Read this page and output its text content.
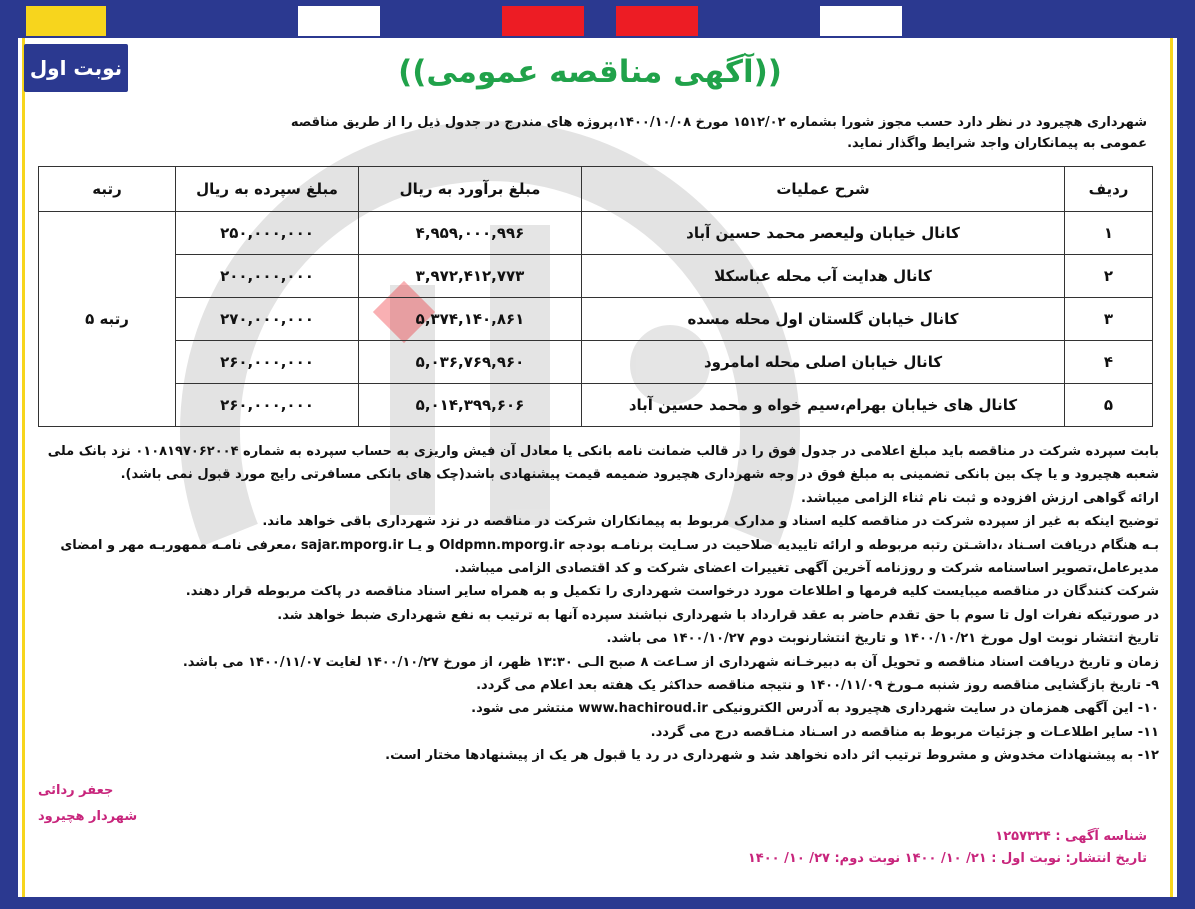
نوبت اول	((آگهی مناقصه عمومی))
شهرداری هچیرود در نظر دارد حسب مجوز شورا بشماره ۱۵۱۲/۰۲ مورخ ۱۴۰۰/۱۰/۰۸،پروژه های مندرج در جدول ذیل را از طریق مناقصه عمومی به پیمانکاران واجد شرایط واگذار نماید.
ردیف	شرح عملیات	مبلغ برآورد به ریال	مبلغ سپرده به ریال	رتبه
۱	کانال خیابان ولیعصر محمد حسین آباد	۴,۹۵۹,۰۰۰,۹۹۶	۲۵۰,۰۰۰,۰۰۰	رتبه ۵
۲	کانال هدایت آب محله عباسکلا	۳,۹۷۲,۴۱۲,۷۷۳	۲۰۰,۰۰۰,۰۰۰	
۳	کانال خیابان گلستان اول محله مسده	۵,۳۷۴,۱۴۰,۸۶۱	۲۷۰,۰۰۰,۰۰۰	
۴	کانال خیابان اصلی محله امامرود	۵,۰۳۶,۷۶۹,۹۶۰	۲۶۰,۰۰۰,۰۰۰	
۵	کانال های خیابان بهرام،سیم خواه و محمد حسین آباد	۵,۰۱۴,۳۹۹,۶۰۶	۲۶۰,۰۰۰,۰۰۰	

بابت سپرده شرکت در مناقصه باید مبلغ اعلامی در جدول فوق را در قالب ضمانت نامه بانکی یا معادل آن فیش واریزی به حساب سپرده به شماره ۰۱۰۸۱۹۷۰۶۲۰۰۴ نزد بانک ملی شعبه هچیرود و یا چک بین بانکی تضمینی به مبلغ فوق در وجه شهرداری هچیرود ضمیمه قیمت پیشنهادی باشد(چک های بانکی مسافرتی رایج مورد قبول نمی باشد).

ارائه گواهی ارزش افزوده و ثبت نام ثناء الزامی میباشد.

توضیح اینکه به غیر از سپرده شرکت در مناقصه کلیه اسناد و مدارک مربوط به پیمانکاران شرکت در مناقصه در نزد شهرداری باقی خواهد ماند.

بـه هنگام دریافت اسـناد ،داشـتن رتبه مربوطه و ارائه تاییدیه صلاحیت در سـایت برنامـه بودجه Oldpmn.mporg.ir و یـا sajar.mporg.ir ،معرفی نامـه ممهوربـه مهر و امضای مدیرعامل،تصویر اساسنامه شرکت و روزنامه آخرین آگهی تغییرات اعضای شرکت و کد اقتصادی الزامی میباشد.

شرکت کنندگان در مناقصه میبایست کلیه فرمها و اطلاعات مورد درخواست شهرداری را تکمیل و به همراه سایر اسناد مناقصه در پاکت مربوطه قرار دهند.

در صورتیکه نفرات اول تا سوم با حق تقدم حاضر به عقد قرارداد با شهرداری نباشند سپرده آنها به ترتیب به نفع شهرداری ضبط خواهد شد.

تاریخ انتشار نوبت اول مورخ ۱۴۰۰/۱۰/۲۱ و تاریخ انتشارنوبت دوم ۱۴۰۰/۱۰/۲۷ می باشد.

زمان و تاریخ دریافت اسناد مناقصه و تحویل آن به دبیرخـانه شهرداری از سـاعت ۸ صبح الـی ۱۳:۳۰ ظهر، از مورخ ۱۴۰۰/۱۰/۲۷ لغایت ۱۴۰۰/۱۱/۰۷ می باشد.

۹- تاریخ بازگشایی مناقصه روز شنبه مـورخ ۱۴۰۰/۱۱/۰۹ و نتیجه مناقصه حداکثر یک هفته بعد اعلام می گردد.

۱۰- این آگهی همزمان در سایت شهرداری هچیرود به آدرس الکترونیکی www.hachiroud.ir منتشر می شود.

۱۱- سایر اطلاعـات و جزئیات مربوط به مناقصه در اسـناد منـاقصه درج می گردد.

۱۲- به پیشنهادات مخدوش و مشروط ترتیب اثر داده نخواهد شد و شهرداری در رد یا قبول هر یک از پیشنهادها مختار است.

جعفر ردائی
شهردار هچیرود
شناسه آگهی : ۱۲۵۷۳۲۴
تاریخ انتشار: نوبت اول : ۲۱/ ۱۰/ ۱۴۰۰ نوبت دوم: ۲۷/ ۱۰/ ۱۴۰۰
